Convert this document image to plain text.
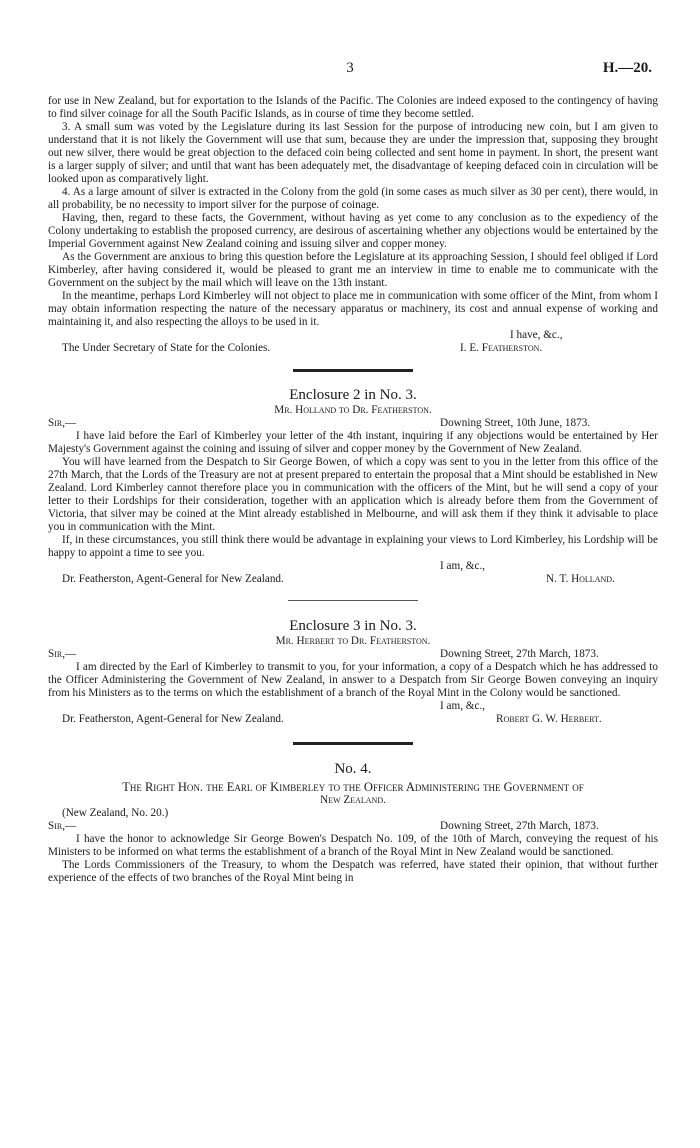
3	H.—20.

for use in New Zealand, but for exportation to the Islands of the Pacific. The Colonies are indeed exposed to the contingency of having to find silver coinage for all the South Pacific Islands, as in course of time they become settled.

3. A small sum was voted by the Legislature during its last Session for the purpose of introducing new coin, but I am given to understand that it is not likely the Government will use that sum, because they are under the impression that, supposing they brought out new silver, there would be great objection to the defaced coin being collected and sent home in payment. In short, the present want is a larger supply of silver; and until that want has been adequately met, the disadvantage of keeping defaced coin in circulation will be looked upon as comparatively light.

4. As a large amount of silver is extracted in the Colony from the gold (in some cases as much silver as 30 per cent), there would, in all probability, be no necessity to import silver for the purpose of coinage.

Having, then, regard to these facts, the Government, without having as yet come to any conclusion as to the expediency of the Colony undertaking to establish the proposed currency, are desirous of ascertaining whether any objections would be entertained by the Imperial Government against New Zealand coining and issuing silver and copper money.

As the Government are anxious to bring this question before the Legislature at its approaching Session, I should feel obliged if Lord Kimberley, after having considered it, would be pleased to grant me an interview in time to enable me to communicate with the Government on the subject by the mail which will leave on the 13th instant.

In the meantime, perhaps Lord Kimberley will not object to place me in communication with some officer of the Mint, from whom I may obtain information respecting the nature of the necessary apparatus or machinery, its cost and annual expense of working and maintaining it, and also respecting the alloys to be used in it.

I have, &c.,
The Under Secretary of State for the Colonies.	I. E. Featherston.
Enclosure 2 in No. 3.
Mr. Holland to Dr. Featherston.
Sir,—	Downing Street, 10th June, 1873.

I have laid before the Earl of Kimberley your letter of the 4th instant, inquiring if any objections would be entertained by Her Majesty's Government against the coining and issuing of silver and copper money by the Government of New Zealand.

You will have learned from the Despatch to Sir George Bowen, of which a copy was sent to you in the letter from this office of the 27th March, that the Lords of the Treasury are not at present prepared to entertain the proposal that a Mint should be established in New Zealand. Lord Kimberley cannot therefore place you in communication with the officers of the Mint, but he will send a copy of your letter to their Lordships for their consideration, together with an application which is already before them from the Government of Victoria, that silver may be coined at the Mint already established in Melbourne, and will ask them if they think it advisable to place you in communication with the Mint.

If, in these circumstances, you still think there would be advantage in explaining your views to Lord Kimberley, his Lordship will be happy to appoint a time to see you.

I am, &c.,
Dr. Featherston, Agent-General for New Zealand.	N. T. Holland.
Enclosure 3 in No. 3.
Mr. Herbert to Dr. Featherston.
Sir,—	Downing Street, 27th March, 1873.

I am directed by the Earl of Kimberley to transmit to you, for your information, a copy of a Despatch which he has addressed to the Officer Administering the Government of New Zealand, in answer to a Despatch from Sir George Bowen conveying an inquiry from his Ministers as to the terms on which the establishment of a branch of the Royal Mint in the Colony would be sanctioned.

I am, &c.,
Dr. Featherston, Agent-General for New Zealand.	Robert G. W. Herbert.
No. 4.
The Right Hon. the Earl of Kimberley to the Officer Administering the Government of
New Zealand.
(New Zealand, No. 20.)
Sir,—	Downing Street, 27th March, 1873.

I have the honor to acknowledge Sir George Bowen's Despatch No. 109, of the 10th of March, conveying the request of his Ministers to be informed on what terms the establishment of a branch of the Royal Mint in New Zealand would be sanctioned.

The Lords Commissioners of the Treasury, to whom the Despatch was referred, have stated their opinion, that without further experience of the effects of two branches of the Royal Mint being in
